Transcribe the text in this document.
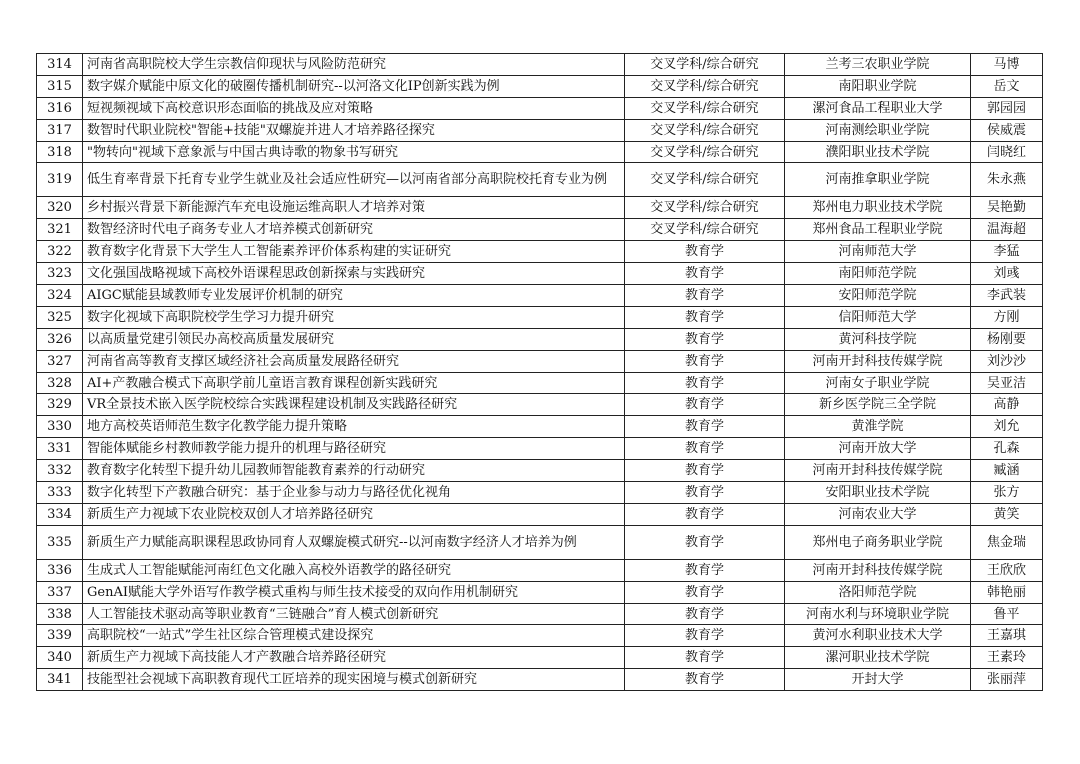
314	河南省高职院校大学生宗教信仰现状与风险防范研究	交叉学科/综合研究	兰考三农职业学院	马博
315	数字媒介赋能中原文化的破圈传播机制研究--以河洛文化IP创新实践为例	交叉学科/综合研究	南阳职业学院	岳文
316	短视频视域下高校意识形态面临的挑战及应对策略	交叉学科/综合研究	漯河食品工程职业大学	郭园园
317	数智时代职业院校"智能+技能"双螺旋并进人才培养路径探究	交叉学科/综合研究	河南测绘职业学院	侯威震
318	"物转向"视域下意象派与中国古典诗歌的物象书写研究	交叉学科/综合研究	濮阳职业技术学院	闫晓红
319	低生育率背景下托育专业学生就业及社会适应性研究—以河南省部分高职院校托育专业为例	交叉学科/综合研究	河南推拿职业学院	朱永燕
320	乡村振兴背景下新能源汽车充电设施运维高职人才培养对策	交叉学科/综合研究	郑州电力职业技术学院	吴艳勤
321	数智经济时代电子商务专业人才培养模式创新研究	交叉学科/综合研究	郑州食品工程职业学院	温海超
322	教育数字化背景下大学生人工智能素养评价体系构建的实证研究	教育学	河南师范大学	李猛
323	文化强国战略视域下高校外语课程思政创新探索与实践研究	教育学	南阳师范学院	刘彧
324	AIGC赋能县域教师专业发展评价机制的研究	教育学	安阳师范学院	李武装
325	数字化视域下高职院校学生学习力提升研究	教育学	信阳师范大学	方刚
326	以高质量党建引领民办高校高质量发展研究	教育学	黄河科技学院	杨刚要
327	河南省高等教育支撑区域经济社会高质量发展路径研究	教育学	河南开封科技传媒学院	刘沙沙
328	AI+产教融合模式下高职学前儿童语言教育课程创新实践研究	教育学	河南女子职业学院	吴亚洁
329	VR全景技术嵌入医学院校综合实践课程建设机制及实践路径研究	教育学	新乡医学院三全学院	高静
330	地方高校英语师范生数字化教学能力提升策略	教育学	黄淮学院	刘允
331	智能体赋能乡村教师教学能力提升的机理与路径研究	教育学	河南开放大学	孔森
332	教育数字化转型下提升幼儿园教师智能教育素养的行动研究	教育学	河南开封科技传媒学院	臧涵
333	数字化转型下产教融合研究：基于企业参与动力与路径优化视角	教育学	安阳职业技术学院	张方
334	新质生产力视域下农业院校双创人才培养路径研究	教育学	河南农业大学	黄笑
335	新质生产力赋能高职课程思政协同育人双螺旋模式研究--以河南数字经济人才培养为例	教育学	郑州电子商务职业学院	焦金瑞
336	生成式人工智能赋能河南红色文化融入高校外语教学的路径研究	教育学	河南开封科技传媒学院	王欣欣
337	GenAI赋能大学外语写作教学模式重构与师生技术接受的双向作用机制研究	教育学	洛阳师范学院	韩艳丽
338	人工智能技术驱动高等职业教育“三链融合”育人模式创新研究	教育学	河南水利与环境职业学院	鲁平
339	高职院校“一站式”学生社区综合管理模式建设探究	教育学	黄河水利职业技术大学	王嘉琪
340	新质生产力视域下高技能人才产教融合培养路径研究	教育学	漯河职业技术学院	王素玲
341	技能型社会视域下高职教育现代工匠培养的现实困境与模式创新研究	教育学	开封大学	张丽萍
